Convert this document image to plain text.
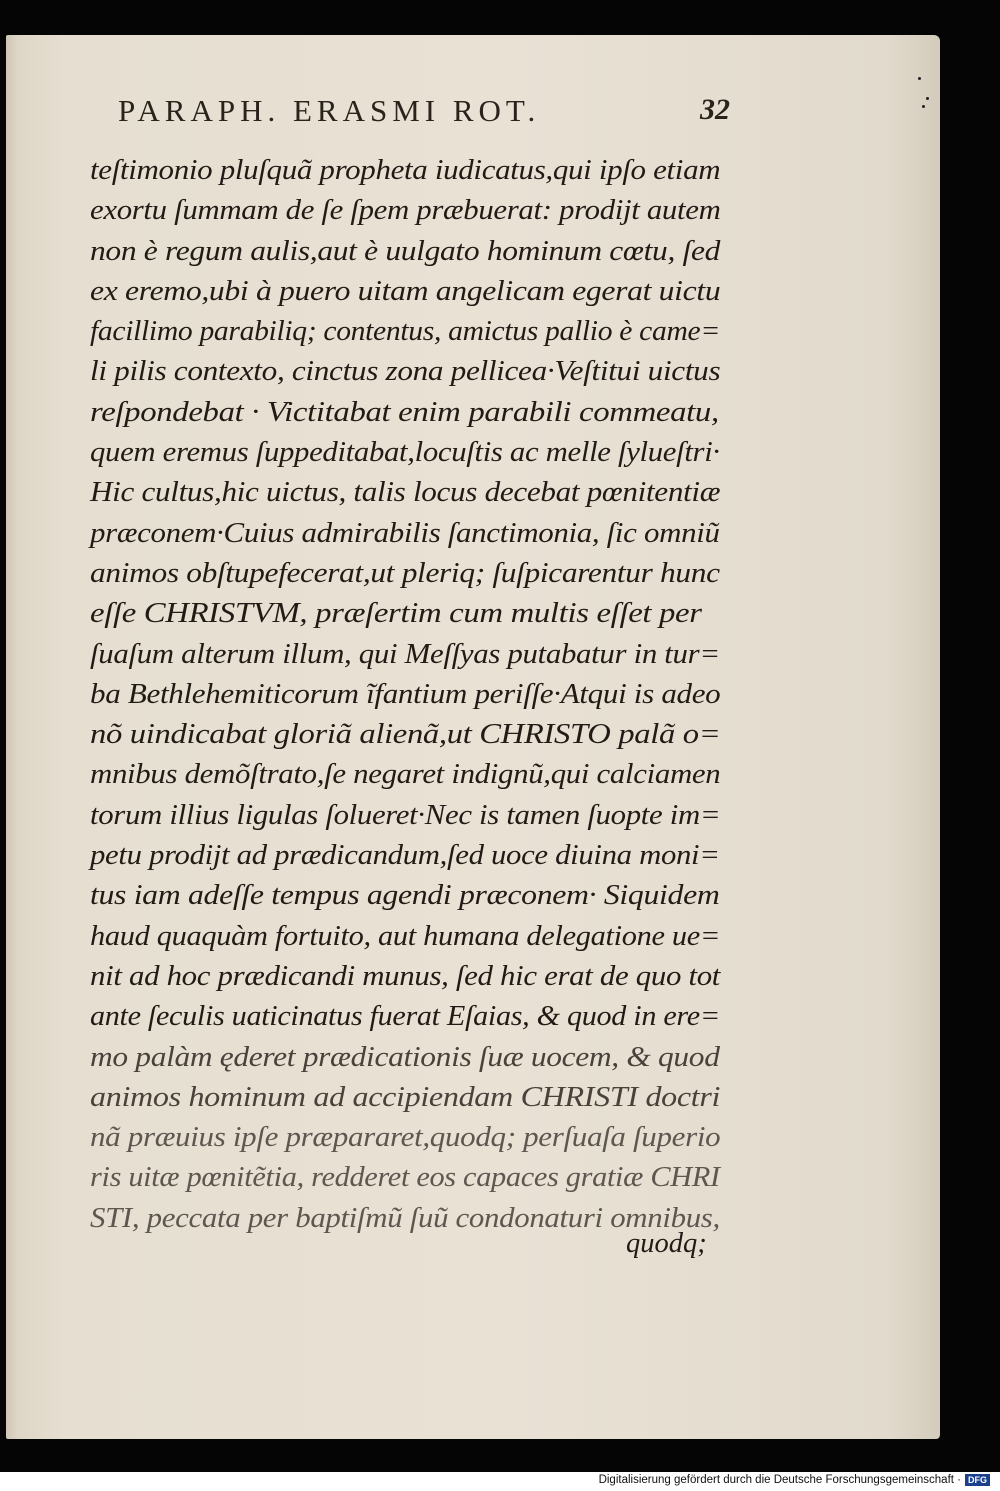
PARAPH. ERASMI ROT.	32
teſtimonio pluſquã propheta iudicatus,qui ipſo etiam
exortu ſummam de ſe ſpem præbuerat: prodijt autem
non è regum aulis,aut è uulgato hominum cœtu, ſed
ex eremo,ubi à puero uitam angelicam egerat uictu
facillimo parabiliq; contentus, amictus pallio è came=
li pilis contexto, cinctus zona pellicea·Veſtitui uictus
reſpondebat · Victitabat enim parabili commeatu,
quem eremus ſuppeditabat,locuſtis ac melle ſylueſtri·
Hic cultus,hic uictus, talis locus decebat pœnitentiæ
præconem·Cuius admirabilis ſanctimonia, ſic omniũ
animos obſtupefecerat,ut pleriq; ſuſpicarentur hunc
eſſe CHRISTVM, præſertim cum multis eſſet per
ſuaſum alterum illum, qui Meſſyas putabatur in tur=
ba Bethlehemiticorum ĩfantium periſſe·Atqui is adeo
nõ uindicabat gloriã alienã,ut CHRISTO palã o=
mnibus demõſtrato,ſe negaret indignũ,qui calciamen
torum illius ligulas ſolueret·Nec is tamen ſuopte im=
petu prodijt ad prædicandum,ſed uoce diuina moni=
tus iam adeſſe tempus agendi præconem· Siquidem
haud quaquàm fortuito, aut humana delegatione ue=
nit ad hoc prædicandi munus, ſed hic erat de quo tot
ante ſeculis uaticinatus fuerat Eſaias, & quod in ere=
mo palàm ęderet prædicationis ſuæ uocem, & quod
animos hominum ad accipiendam CHRISTI doctri
nã præuius ipſe præpararet,quodq; perſuaſa ſuperio
ris uitæ pœnitẽtia, redderet eos capaces gratiæ CHRI
STI, peccata per baptiſmũ ſuũ condonaturi omnibus,
quodq;
Digitalisierung gefördert durch die Deutsche Forschungsgemeinschaft · DFG
